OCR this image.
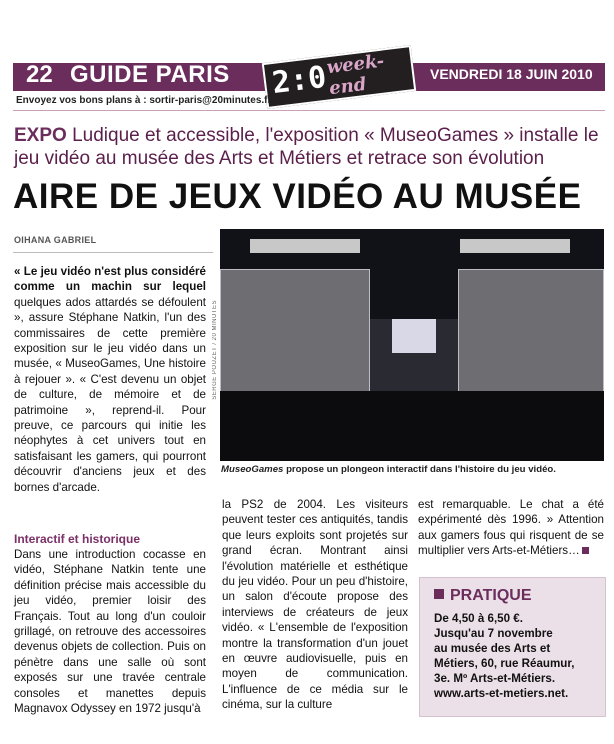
22 GUIDE PARIS 2:0
week-end	VENDREDI 18 JUIN 2010
Envoyez vos bons plans à : sortir-paris@20minutes.fr
EXPO Ludique et accessible, l'exposition « MuseoGames » installe le jeu vidéo au musée des Arts et Métiers et retrace son évolution
AIRE DE JEUX VIDÉO AU MUSÉE
OIHANA GABRIEL
« Le jeu vidéo n'est plus considéré comme un machin sur lequel quelques ados attardés se défoulent », assure Stéphane Natkin, l'un des commissaires de cette première exposition sur le jeu vidéo dans un musée, « MuseoGames, Une histoire à rejouer ». « C'est devenu un objet de culture, de mémoire et de patrimoine », reprend-il. Pour preuve, ce parcours qui initie les néophytes à cet univers tout en satisfaisant les gamers, qui pourront découvrir d'anciens jeux et des bornes d'arcade.
Interactif et historique
Dans une introduction cocasse en vidéo, Stéphane Natkin tente une définition précise mais accessible du jeu vidéo, premier loisir des Français. Tout au long d'un couloir grillagé, on retrouve des accessoires devenus objets de collection. Puis on pénètre dans une salle où sont exposés sur une travée centrale consoles et manettes depuis Magnavox Odyssey en 1972 jusqu'à
SERGE POUZET / 20 MINUTES
MuseoGames propose un plongeon interactif dans l'histoire du jeu vidéo.
la PS2 de 2004. Les visiteurs peuvent tester ces antiquités, tandis que leurs exploits sont projetés sur grand écran. Montrant ainsi l'évolution matérielle et esthétique du jeu vidéo. Pour un peu d'histoire, un salon d'écoute propose des interviews de créateurs de jeux vidéo. « L'ensemble de l'exposition montre la transformation d'un jouet en œuvre audiovisuelle, puis en moyen de communication. L'influence de ce média sur le cinéma, sur la culture
est remarquable. Le chat a été expérimenté dès 1996. » Attention aux gamers fous qui risquent de se multiplier vers Arts-et-Métiers…
PRATIQUE
De 4,50 à 6,50 €.
Jusqu'au 7 novembre
au musée des Arts et
Métiers, 60, rue Réaumur,
3e. Mº Arts-et-Métiers.
www.arts-et-metiers.net.
